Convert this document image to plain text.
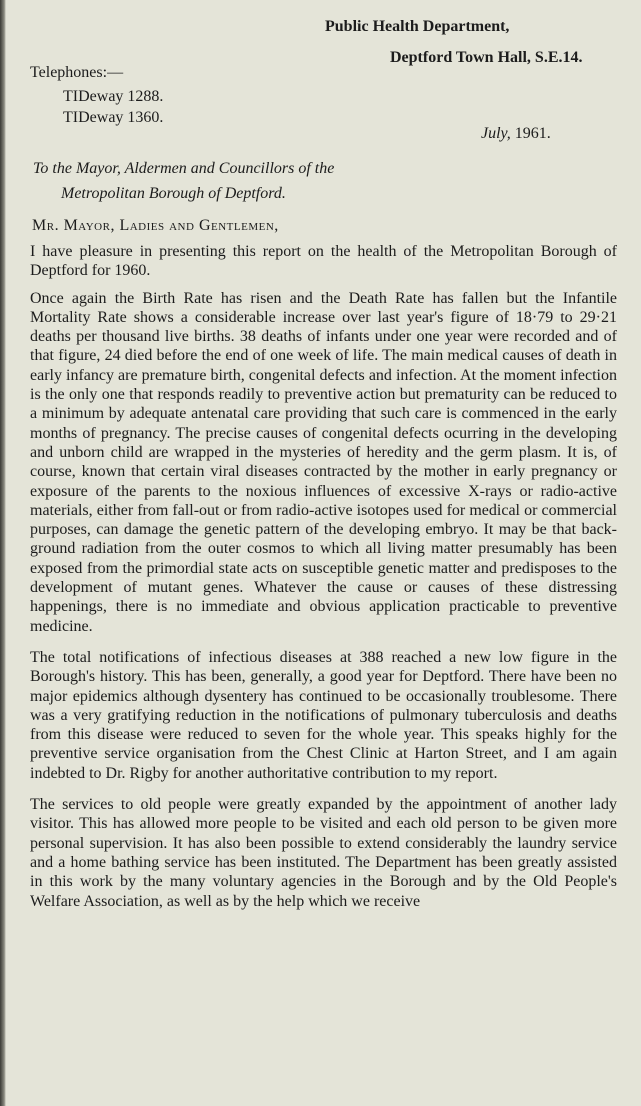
Public Health Department,
Deptford Town Hall, S.E.14.
Telephones:—
TIDeway 1288.
TIDeway 1360.
July, 1961.
To the Mayor, Aldermen and Councillors of the
Metropolitan Borough of Deptford.
Mr. Mayor, Ladies and Gentlemen,

I have pleasure in presenting this report on the health of the Metropolitan Borough of Deptford for 1960.

Once again the Birth Rate has risen and the Death Rate has fallen but the Infantile Mortality Rate shows a considerable increase over last year's figure of 18·79 to 29·21 deaths per thousand live births. 38 deaths of infants under one year were recorded and of that figure, 24 died before the end of one week of life. The main medical causes of death in early infancy are premature birth, congenital defects and infection. At the moment infection is the only one that responds readily to preventive action but prematurity can be reduced to a minimum by adequate antenatal care providing that such care is commenced in the early months of pregnancy. The precise causes of congenital defects ocurring in the developing and unborn child are wrapped in the mysteries of heredity and the germ plasm. It is, of course, known that certain viral diseases contracted by the mother in early pregnancy or exposure of the parents to the noxious influences of excessive X-rays or radio-active materials, either from fall-out or from radio-active isotopes used for medical or commercial purposes, can damage the genetic pattern of the developing embryo. It may be that back-ground radiation from the outer cosmos to which all living matter presumably has been exposed from the primordial state acts on susceptible genetic matter and predisposes to the development of mutant genes. Whatever the cause or causes of these distressing happenings, there is no immediate and obvious application practicable to preventive medicine.

The total notifications of infectious diseases at 388 reached a new low figure in the Borough's history. This has been, generally, a good year for Deptford. There have been no major epidemics although dysentery has continued to be occasionally troublesome. There was a very gratifying reduction in the notifications of pulmonary tuberculosis and deaths from this disease were reduced to seven for the whole year. This speaks highly for the preventive service organisation from the Chest Clinic at Harton Street, and I am again indebted to Dr. Rigby for another authoritative contribution to my report.

The services to old people were greatly expanded by the appointment of another lady visitor. This has allowed more people to be visited and each old person to be given more personal supervision. It has also been possible to extend considerably the laundry service and a home bathing service has been instituted. The Department has been greatly assisted in this work by the many voluntary agencies in the Borough and by the Old People's Welfare Association, as well as by the help which we receive
